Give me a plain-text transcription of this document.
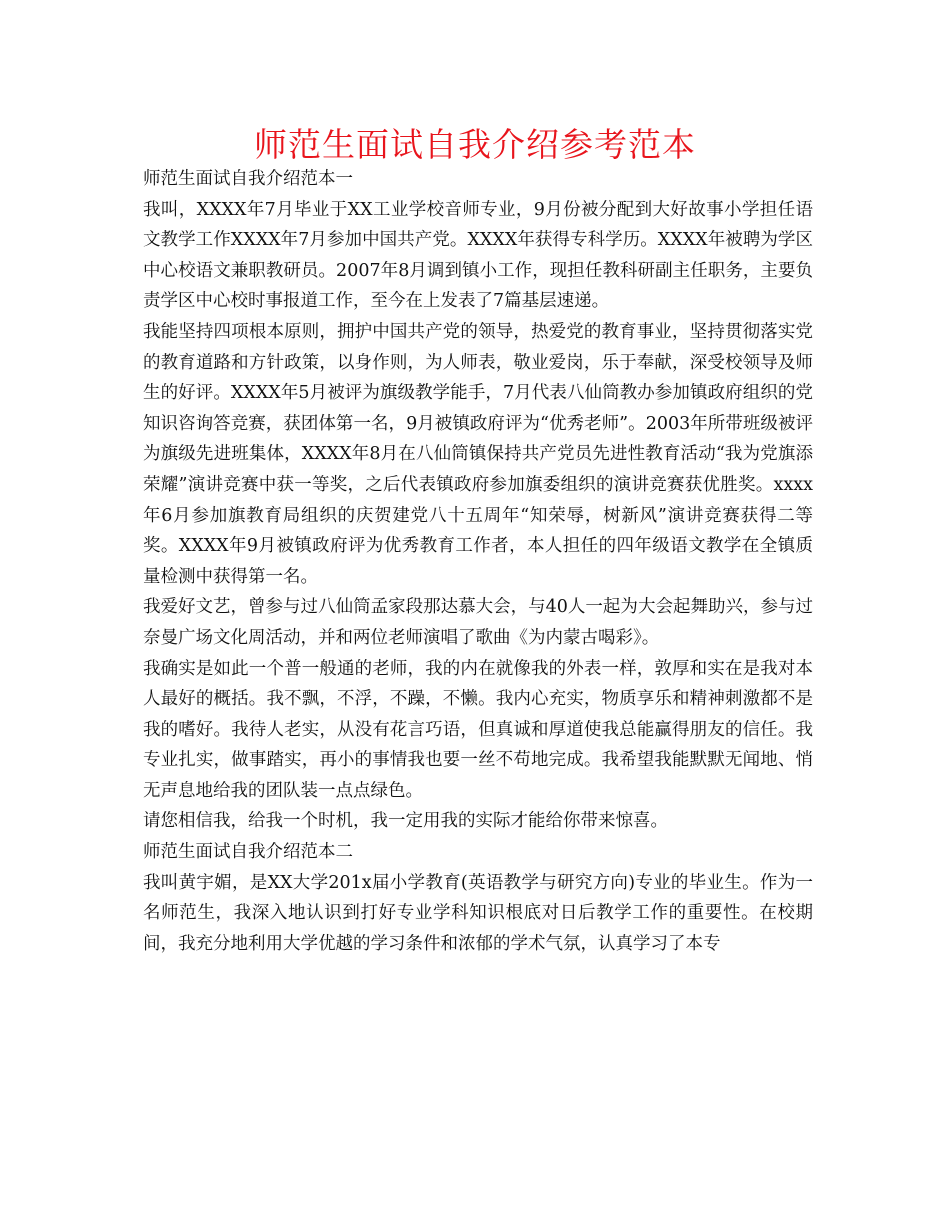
师范生面试自我介绍参考范本

师范生面试自我介绍范本一

我叫，XXXX年7月毕业于XX工业学校音师专业，9月份被分配到大好故事小学担任语文教学工作XXXX年7月参加中国共产党。XXXX年获得专科学历。XXXX年被聘为学区中心校语文兼职教研员。2007年8月调到镇小工作，现担任教科研副主任职务，主要负责学区中心校时事报道工作，至今在上发表了7篇基层速递。

我能坚持四项根本原则，拥护中国共产党的领导，热爱党的教育事业，坚持贯彻落实党的教育道路和方针政策，以身作则，为人师表，敬业爱岗，乐于奉献，深受校领导及师生的好评。XXXX年5月被评为旗级教学能手，7月代表八仙筒教办参加镇政府组织的党知识咨询答竞赛，获团体第一名，9月被镇政府评为“优秀老师”。2003年所带班级被评为旗级先进班集体，XXXX年8月在八仙筒镇保持共产党员先进性教育活动“我为党旗添荣耀”演讲竞赛中获一等奖，之后代表镇政府参加旗委组织的演讲竞赛获优胜奖。xxxx年6月参加旗教育局组织的庆贺建党八十五周年“知荣辱，树新风”演讲竞赛获得二等奖。XXXX年9月被镇政府评为优秀教育工作者，本人担任的四年级语文教学在全镇质量检测中获得第一名。

我爱好文艺，曾参与过八仙筒孟家段那达慕大会，与40人一起为大会起舞助兴，参与过奈曼广场文化周活动，并和两位老师演唱了歌曲《为内蒙古喝彩》。

我确实是如此一个普一般通的老师，我的内在就像我的外表一样，敦厚和实在是我对本人最好的概括。我不飘，不浮，不躁，不懒。我内心充实，物质享乐和精神刺激都不是我的嗜好。我待人老实，从没有花言巧语，但真诚和厚道使我总能赢得朋友的信任。我专业扎实，做事踏实，再小的事情我也要一丝不苟地完成。我希望我能默默无闻地、悄无声息地给我的团队装一点点绿色。

请您相信我，给我一个时机，我一定用我的实际才能给你带来惊喜。

师范生面试自我介绍范本二

我叫黄宇媚，是XX大学201x届小学教育(英语教学与研究方向)专业的毕业生。作为一名师范生，我深入地认识到打好专业学科知识根底对日后教学工作的重要性。在校期间，我充分地利用大学优越的学习条件和浓郁的学术气氛，认真学习了本专
